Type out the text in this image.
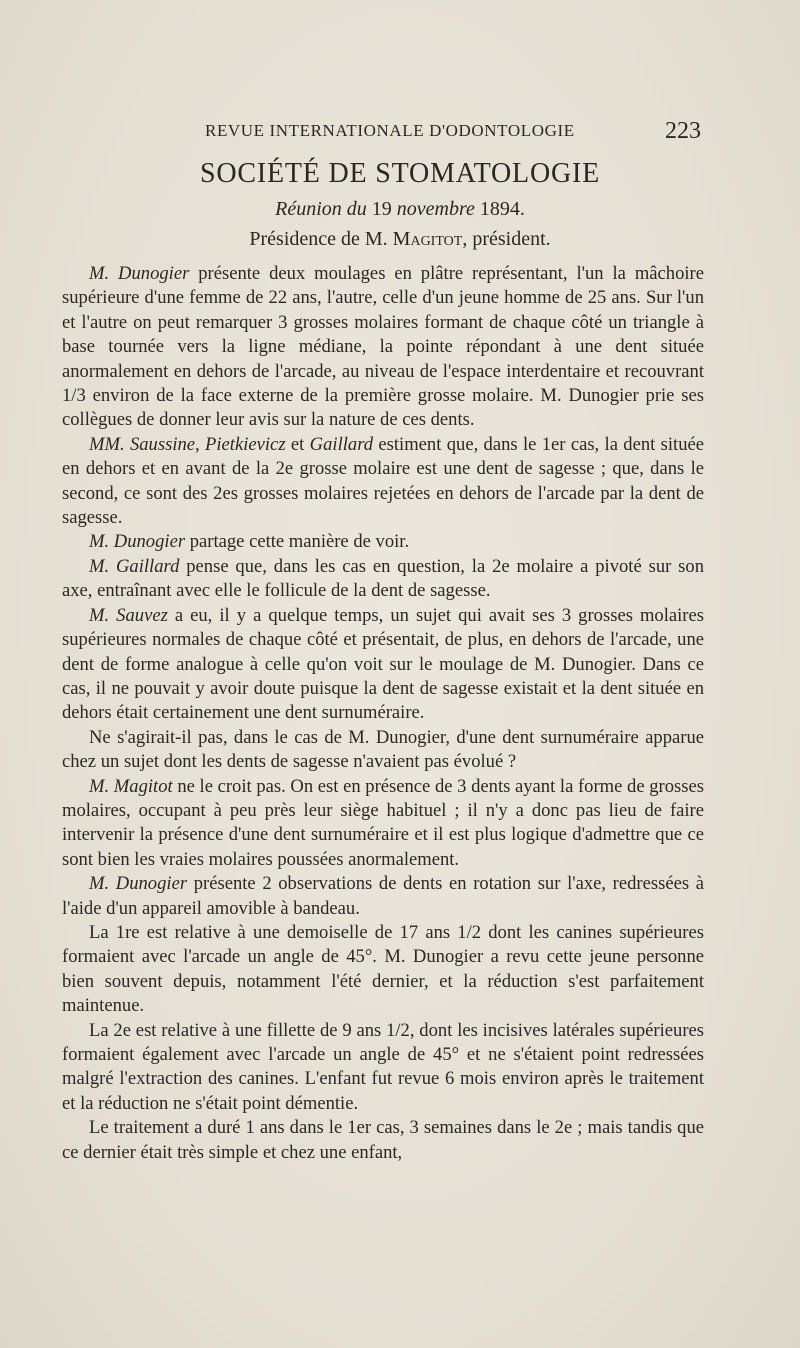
REVUE INTERNATIONALE D'ODONTOLOGIE	223
SOCIÉTÉ DE STOMATOLOGIE
Réunion du 19 novembre 1894.
Présidence de M. Magitot, président.

M. Dunogier présente deux moulages en plâtre représentant, l'un la mâchoire supérieure d'une femme de 22 ans, l'autre, celle d'un jeune homme de 25 ans. Sur l'un et l'autre on peut remarquer 3 grosses molaires formant de chaque côté un triangle à base tournée vers la ligne médiane, la pointe répondant à une dent située anormalement en dehors de l'arcade, au niveau de l'espace interdentaire et recouvrant 1/3 environ de la face externe de la première grosse molaire. M. Dunogier prie ses collègues de donner leur avis sur la nature de ces dents.

MM. Saussine, Pietkievicz et Gaillard estiment que, dans le 1er cas, la dent située en dehors et en avant de la 2e grosse molaire est une dent de sagesse ; que, dans le second, ce sont des 2es grosses molaires rejetées en dehors de l'arcade par la dent de sagesse.

M. Dunogier partage cette manière de voir.

M. Gaillard pense que, dans les cas en question, la 2e molaire a pivoté sur son axe, entraînant avec elle le follicule de la dent de sagesse.

M. Sauvez a eu, il y a quelque temps, un sujet qui avait ses 3 grosses molaires supérieures normales de chaque côté et présentait, de plus, en dehors de l'arcade, une dent de forme analogue à celle qu'on voit sur le moulage de M. Dunogier. Dans ce cas, il ne pouvait y avoir doute puisque la dent de sagesse existait et la dent située en dehors était certainement une dent surnuméraire.

Ne s'agirait-il pas, dans le cas de M. Dunogier, d'une dent surnuméraire apparue chez un sujet dont les dents de sagesse n'avaient pas évolué ?

M. Magitot ne le croit pas. On est en présence de 3 dents ayant la forme de grosses molaires, occupant à peu près leur siège habituel ; il n'y a donc pas lieu de faire intervenir la présence d'une dent surnuméraire et il est plus logique d'admettre que ce sont bien les vraies molaires poussées anormalement.

M. Dunogier présente 2 observations de dents en rotation sur l'axe, redressées à l'aide d'un appareil amovible à bandeau.

La 1re est relative à une demoiselle de 17 ans 1/2 dont les canines supérieures formaient avec l'arcade un angle de 45°. M. Dunogier a revu cette jeune personne bien souvent depuis, notamment l'été dernier, et la réduction s'est parfaitement maintenue.

La 2e est relative à une fillette de 9 ans 1/2, dont les incisives latérales supérieures formaient également avec l'arcade un angle de 45° et ne s'étaient point redressées malgré l'extraction des canines. L'enfant fut revue 6 mois environ après le traitement et la réduction ne s'était point démentie.

Le traitement a duré 1 ans dans le 1er cas, 3 semaines dans le 2e ; mais tandis que ce dernier était très simple et chez une enfant,
